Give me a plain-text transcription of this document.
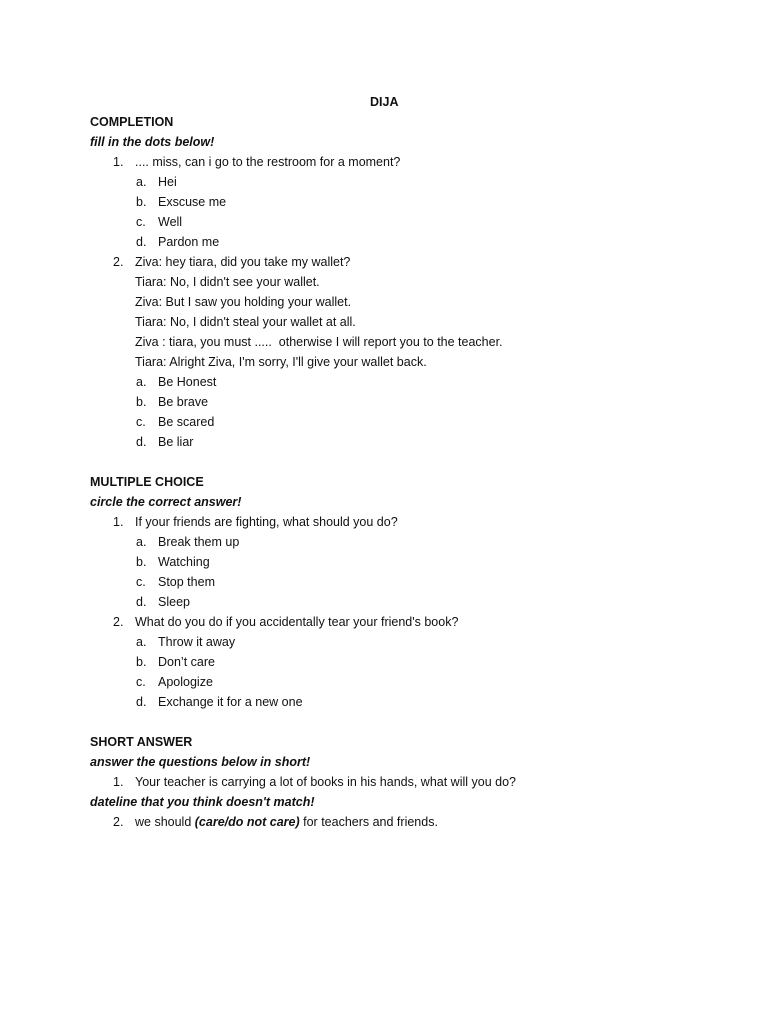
DIJA
COMPLETION
fill in the dots below!
1. .... miss, can i go to the restroom for a moment?
a. Hei
b. Exscuse me
c. Well
d. Pardon me
2. Ziva: hey tiara, did you take my wallet?
Tiara: No, I didn't see your wallet.
Ziva: But I saw you holding your wallet.
Tiara: No, I didn't steal your wallet at all.
Ziva : tiara, you must .....  otherwise I will report you to the teacher.
Tiara: Alright Ziva, I'm sorry, I'll give your wallet back.
a. Be Honest
b. Be brave
c. Be scared
d. Be liar
MULTIPLE CHOICE
circle the correct answer!
1. If your friends are fighting, what should you do?
a. Break them up
b. Watching
c. Stop them
d. Sleep
2. What do you do if you accidentally tear your friend's book?
a. Throw it away
b. Don’t care
c. Apologize
d. Exchange it for a new one
SHORT ANSWER
answer the questions below in short!
1. Your teacher is carrying a lot of books in his hands, what will you do?
dateline that you think doesn't match!
2. we should (care/do not care) for teachers and friends.
